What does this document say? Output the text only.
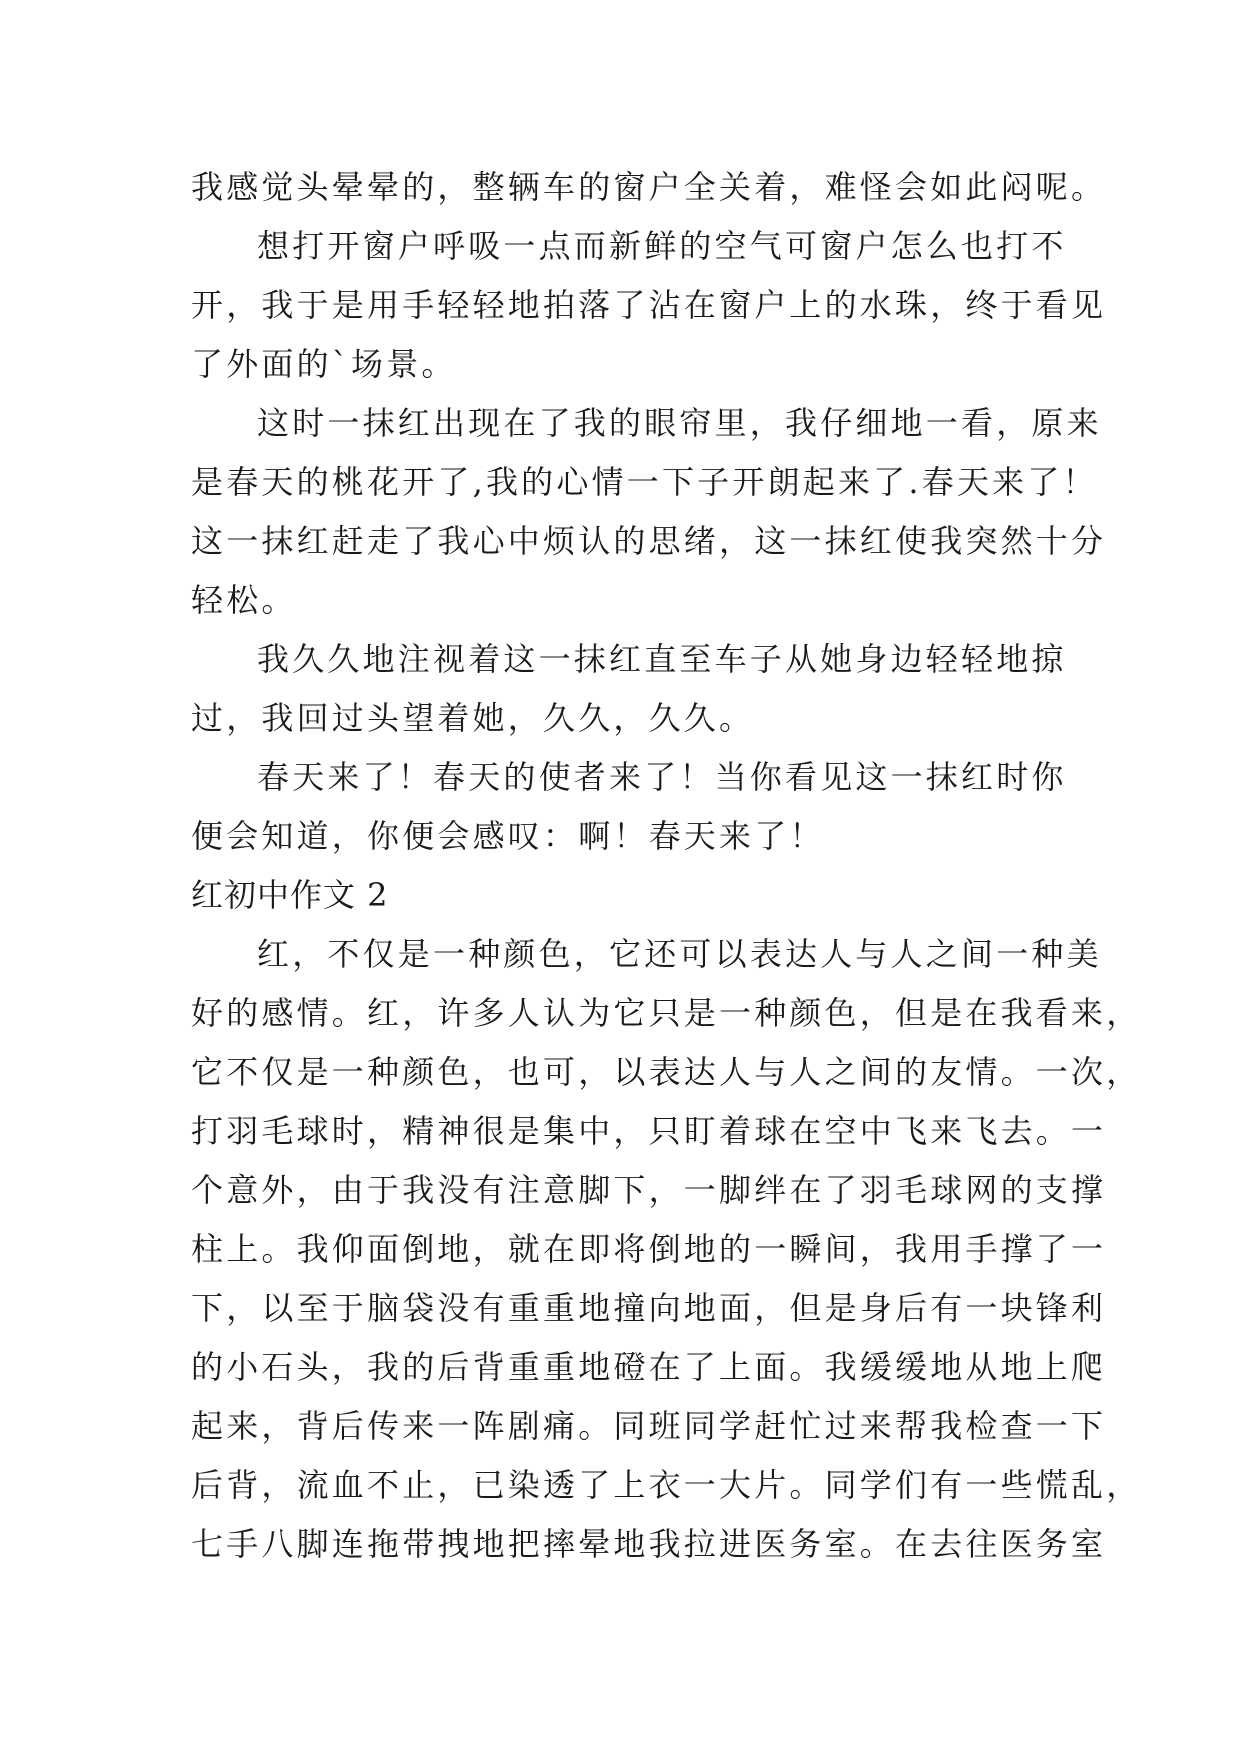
我感觉头晕晕的，整辆车的窗户全关着，难怪会如此闷呢。
想打开窗户呼吸一点而新鲜的空气可窗户怎么也打不
开，我于是用手轻轻地拍落了沾在窗户上的水珠，终于看见
了外面的`场景。
这时一抹红出现在了我的眼帘里，我仔细地一看，原来
是春天的桃花开了,我的心情一下子开朗起来了.春天来了！
这一抹红赶走了我心中烦认的思绪，这一抹红使我突然十分
轻松。
我久久地注视着这一抹红直至车子从她身边轻轻地掠
过，我回过头望着她，久久，久久。
春天来了！春天的使者来了！当你看见这一抹红时你
便会知道，你便会感叹：啊！春天来了！
红初中作文 2
红，不仅是一种颜色，它还可以表达人与人之间一种美
好的感情。红，许多人认为它只是一种颜色，但是在我看来，
它不仅是一种颜色，也可，以表达人与人之间的友情。一次，
打羽毛球时，精神很是集中，只盯着球在空中飞来飞去。一
个意外，由于我没有注意脚下，一脚绊在了羽毛球网的支撑
柱上。我仰面倒地，就在即将倒地的一瞬间，我用手撑了一
下，以至于脑袋没有重重地撞向地面，但是身后有一块锋利
的小石头，我的后背重重地磴在了上面。我缓缓地从地上爬
起来，背后传来一阵剧痛。同班同学赶忙过来帮我检查一下
后背，流血不止，已染透了上衣一大片。同学们有一些慌乱，
七手八脚连拖带拽地把摔晕地我拉进医务室。在去往医务室
